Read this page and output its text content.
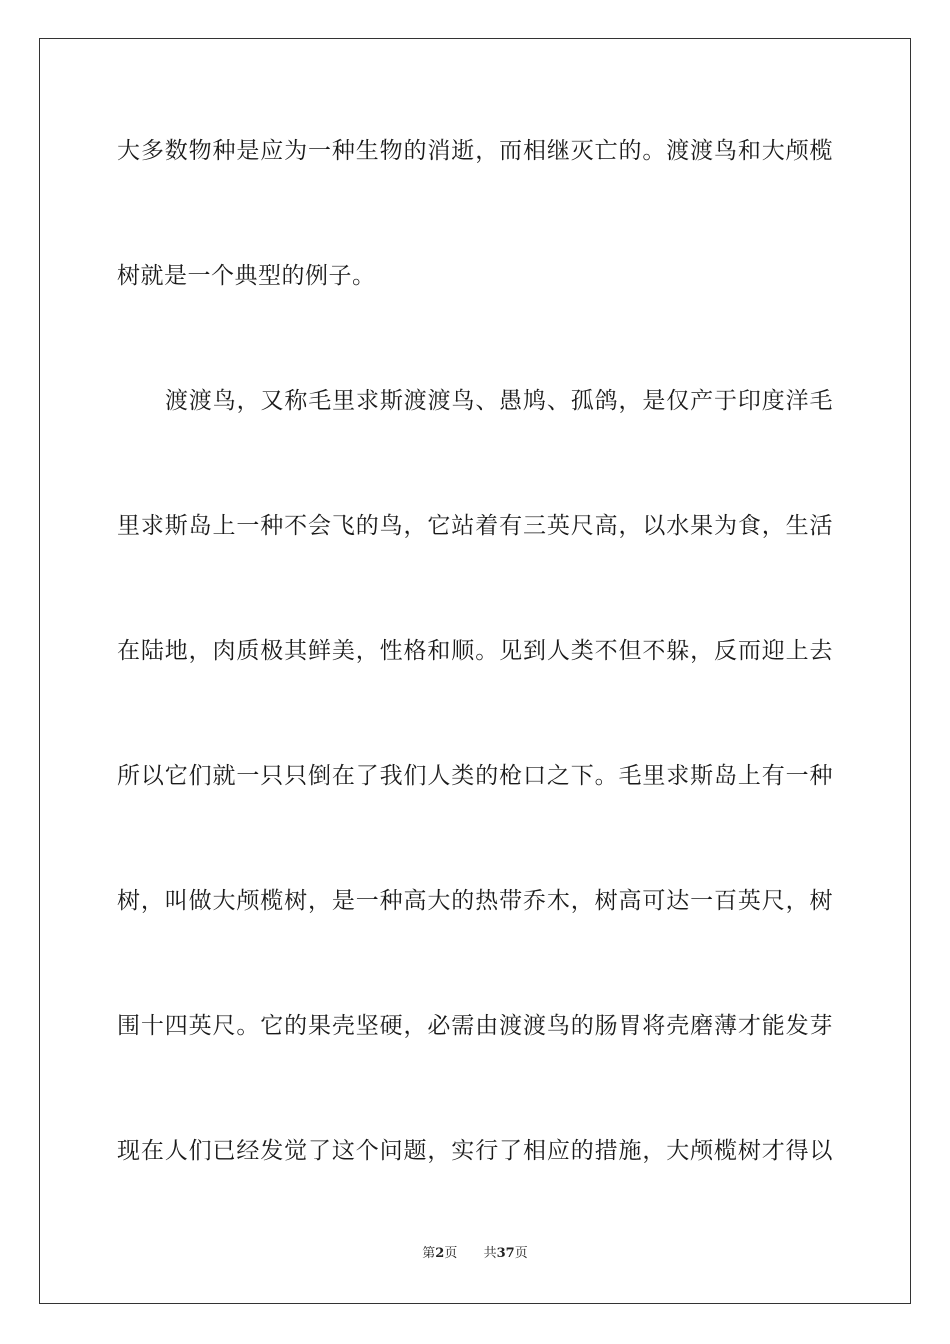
大多数物种是应为一种生物的消逝，而相继灭亡的。渡渡鸟和大颅榄
树就是一个典型的例子。
渡渡鸟，又称毛里求斯渡渡鸟、愚鸠、孤鸽，是仅产于印度洋毛
里求斯岛上一种不会飞的鸟，它站着有三英尺高，以水果为食，生活
在陆地，肉质极其鲜美，性格和顺。见到人类不但不躲，反而迎上去
所以它们就一只只倒在了我们人类的枪口之下。毛里求斯岛上有一种
树，叫做大颅榄树，是一种高大的热带乔木，树高可达一百英尺，树
围十四英尺。它的果壳坚硬，必需由渡渡鸟的肠胃将壳磨薄才能发芽
现在人们已经发觉了这个问题，实行了相应的措施，大颅榄树才得以
第2页 共37页
